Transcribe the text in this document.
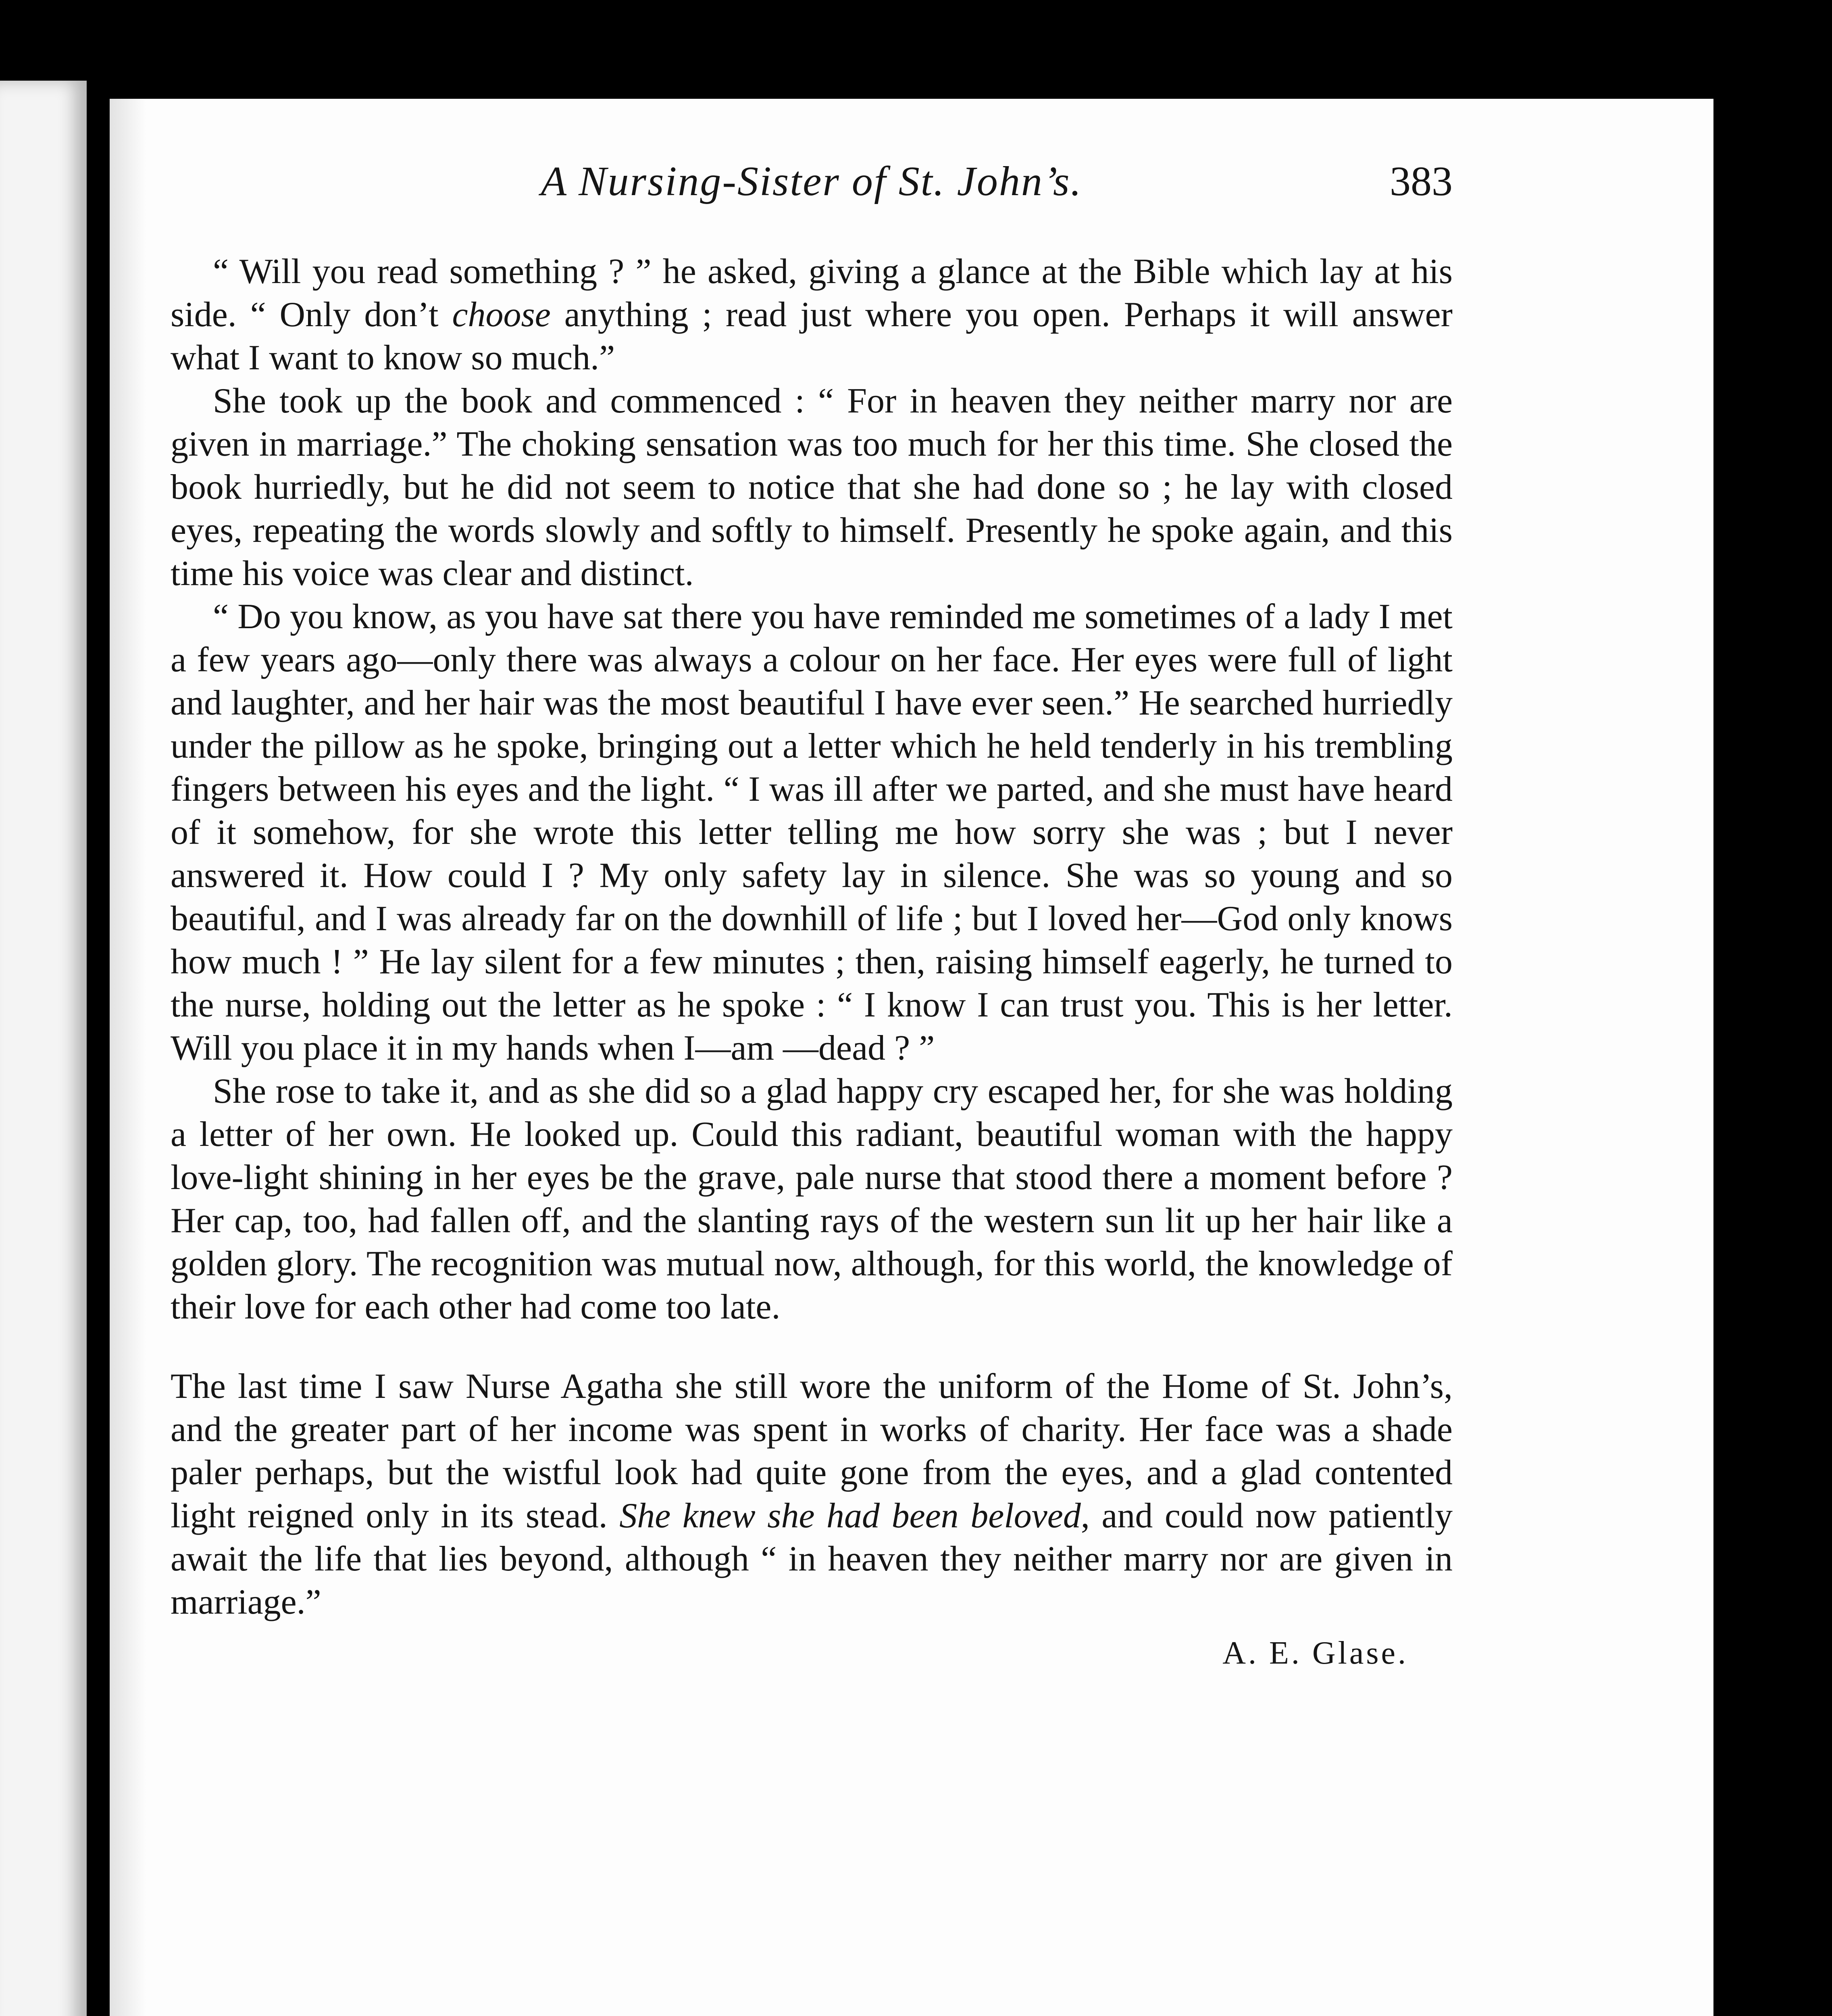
A Nursing-Sister of St. John’s.	383

“ Will you read something ? ” he asked, giving a glance at the Bible which lay at his side. “ Only don’t choose anything ; read just where you open. Perhaps it will answer what I want to know so much.”

She took up the book and commenced : “ For in heaven they neither marry nor are given in marriage.” The choking sensation was too much for her this time. She closed the book hurriedly, but he did not seem to notice that she had done so ; he lay with closed eyes, repeating the words slowly and softly to himself. Presently he spoke again, and this time his voice was clear and distinct.

“ Do you know, as you have sat there you have reminded me sometimes of a lady I met a few years ago—only there was always a colour on her face. Her eyes were full of light and laughter, and her hair was the most beautiful I have ever seen.” He searched hurriedly under the pillow as he spoke, bringing out a letter which he held tenderly in his trembling fingers between his eyes and the light. “ I was ill after we parted, and she must have heard of it somehow, for she wrote this letter telling me how sorry she was ; but I never answered it. How could I ? My only safety lay in silence. She was so young and so beautiful, and I was already far on the downhill of life ; but I loved her—God only knows how much ! ” He lay silent for a few minutes ; then, raising himself eagerly, he turned to the nurse, holding out the letter as he spoke : “ I know I can trust you. This is her letter. Will you place it in my hands when I—am —dead ? ”

She rose to take it, and as she did so a glad happy cry escaped her, for she was holding a letter of her own. He looked up. Could this radiant, beautiful woman with the happy love-light shining in her eyes be the grave, pale nurse that stood there a moment before ? Her cap, too, had fallen off, and the slanting rays of the western sun lit up her hair like a golden glory. The recognition was mutual now, although, for this world, the knowledge of their love for each other had come too late.

The last time I saw Nurse Agatha she still wore the uniform of the Home of St. John’s, and the greater part of her income was spent in works of charity. Her face was a shade paler perhaps, but the wistful look had quite gone from the eyes, and a glad contented light reigned only in its stead. She knew she had been beloved, and could now patiently await the life that lies beyond, although “ in heaven they neither marry nor are given in marriage.”

A. E. Glase.
